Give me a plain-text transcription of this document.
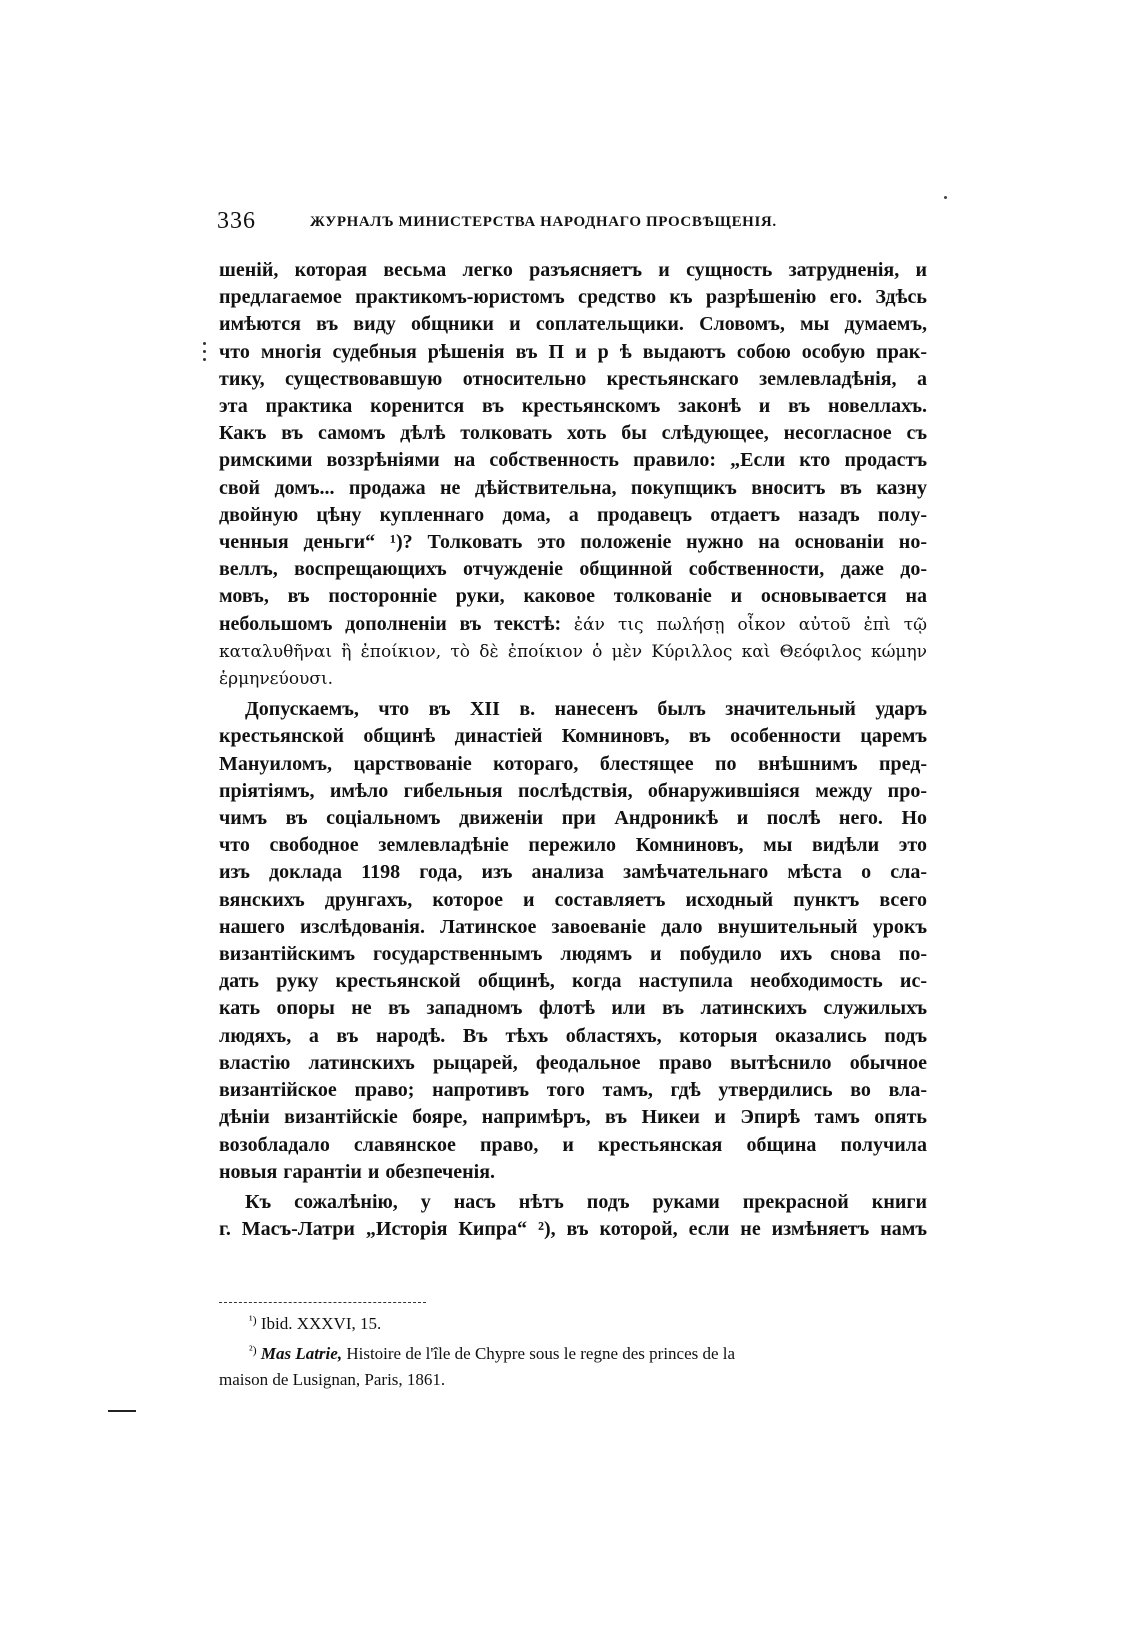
336	ЖУРНАЛЪ МИНИСТЕРСТВА НАРОДНАГО ПРОСВѢЩЕНІЯ.
шеній, которая весьма легко разъясняетъ и сущность затрудненія, и
предлагаемое практикомъ-юристомъ средство къ разрѣшенію его. Здѣсь
имѣются въ виду общники и соплательщики. Словомъ, мы думаемъ,
что многія судебныя рѣшенія въ П и р ѣ выдаютъ собою особую прак-
тику, существовавшую относительно крестьянскаго землевладѣнія, а
эта практика коренится въ крестьянскомъ законѣ и въ новеллахъ.
Какъ въ самомъ дѣлѣ толковать хоть бы слѣдующее, несогласное съ
римскими воззрѣніями на собственность правило: „Если кто продастъ
свой домъ... продажа не дѣйствительна, покупщикъ вноситъ въ казну
двойную цѣну купленнаго дома, а продавецъ отдаетъ назадъ полу-
ченныя деньги“ ¹)? Толковать это положеніе нужно на основаніи но-
веллъ, воспрещающихъ отчужденіе общинной собственности, даже до-
мовъ, въ посторонніе руки, каковое толкованіе и основывается на
небольшомъ дополненіи въ текстѣ: ἐάν τις πωλήσῃ οἶκον αὐτοῦ ἐπὶ τῷ
καταλυθῆναι ἢ ἐποίκιον, τὸ δὲ ἐποίκιον ὁ μὲν Κύριλλος καὶ Θεόφιλος κώμην
ἑρμηνεύουσι.
Допускаемъ, что въ XII в. нанесенъ былъ значительный ударъ
крестьянской общинѣ династіей Комниновъ, въ особенности царемъ
Мануиломъ, царствованіе котораго, блестящее по внѣшнимъ пред-
пріятіямъ, имѣло гибельныя послѣдствія, обнаружившіяся между про-
чимъ въ соціальномъ движеніи при Андроникѣ и послѣ него. Но
что свободное землевладѣніе пережило Комниновъ, мы видѣли это
изъ доклада 1198 года, изъ анализа замѣчательнаго мѣста о сла-
вянскихъ друнгахъ, которое и составляетъ исходный пунктъ всего
нашего изслѣдованія. Латинское завоеваніе дало внушительный урокъ
византійскимъ государственнымъ людямъ и побудило ихъ снова по-
дать руку крестьянской общинѣ, когда наступила необходимость ис-
кать опоры не въ западномъ флотѣ или въ латинскихъ служилыхъ
людяхъ, а въ народѣ. Въ тѣхъ областяхъ, которыя оказались подъ
властію латинскихъ рыцарей, феодальное право вытѣснило обычное
византійское право; напротивъ того тамъ, гдѣ утвердились во вла-
дѣніи византійскіе бояре, напримѣръ, въ Никеи и Эпирѣ тамъ опять
возобладало славянское право, и крестьянская община получила
новыя гарантіи и обезпеченія.
Къ сожалѣнію, у насъ нѣтъ подъ руками прекрасной книги
г. Масъ-Латри „Исторія Кипра“ ²), въ которой, если не измѣняетъ намъ
$^{^1)}$ Ibid. XXXVI, 15.
$^{^2)}$ Mas Latrie, Histoire de l'île de Chypre sous le regne des princes de la
maison de Lusignan, Paris, 1861.
